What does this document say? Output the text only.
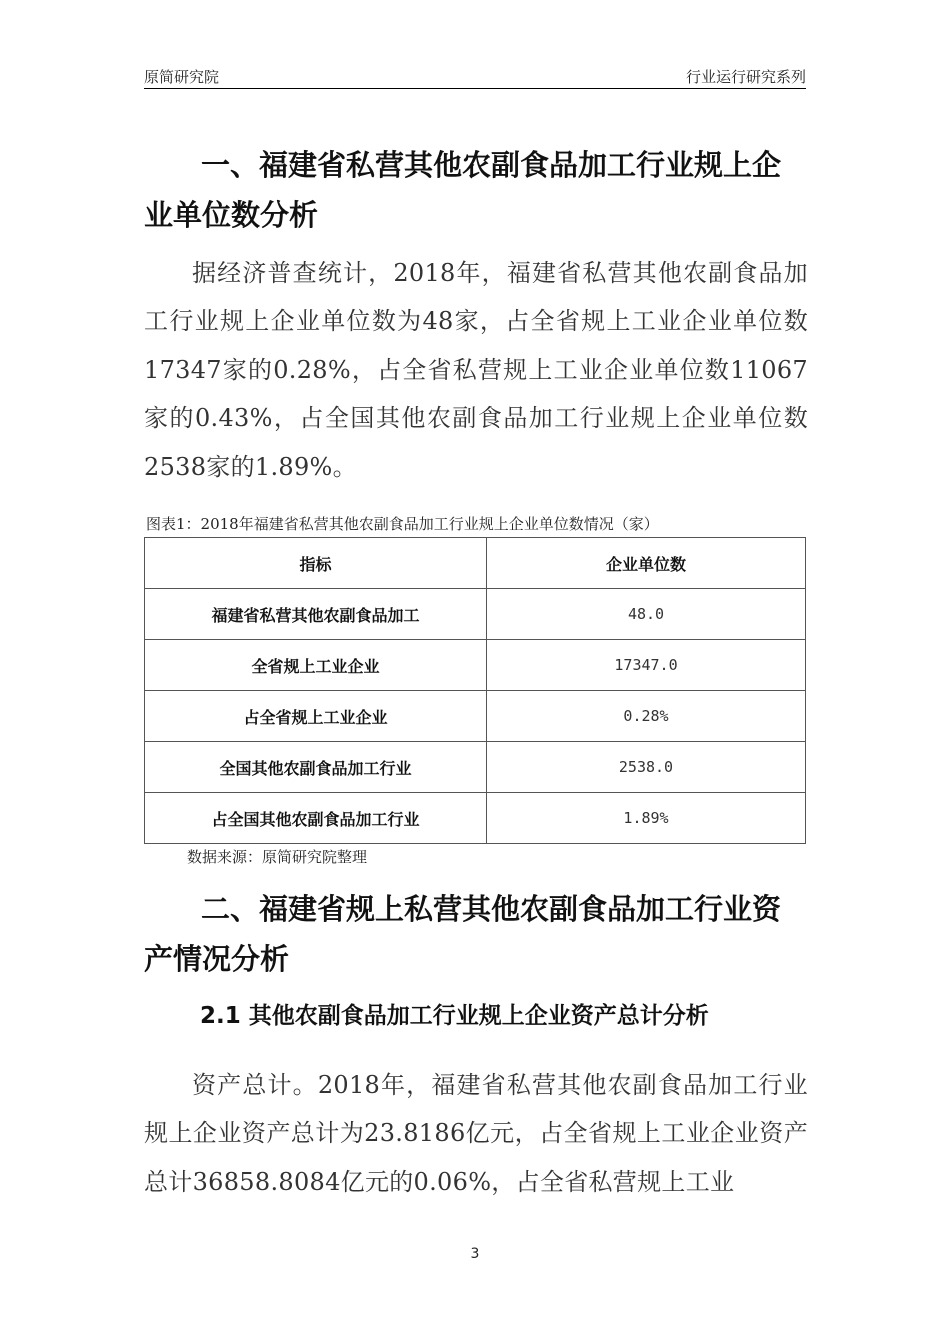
原简研究院	行业运行研究系列
一、福建省私营其他农副食品加工行业规上企业单位数分析

据经济普查统计，2018年，福建省私营其他农副食品加工行业规上企业单位数为48家，占全省规上工业企业单位数17347家的0.28%，占全省私营规上工业企业单位数11067家的0.43%，占全国其他农副食品加工行业规上企业单位数2538家的1.89%。

图表1：2018年福建省私营其他农副食品加工行业规上企业单位数情况（家）
指标	企业单位数
福建省私营其他农副食品加工	48.0
全省规上工业企业	17347.0
占全省规上工业企业	0.28%
全国其他农副食品加工行业	2538.0
占全国其他农副食品加工行业	1.89%
数据来源：原简研究院整理
二、福建省规上私营其他农副食品加工行业资产情况分析
2.1 其他农副食品加工行业规上企业资产总计分析

资产总计。2018年，福建省私营其他农副食品加工行业规上企业资产总计为23.8186亿元，占全省规上工业企业资产总计36858.8084亿元的0.06%，占全省私营规上工业

3
